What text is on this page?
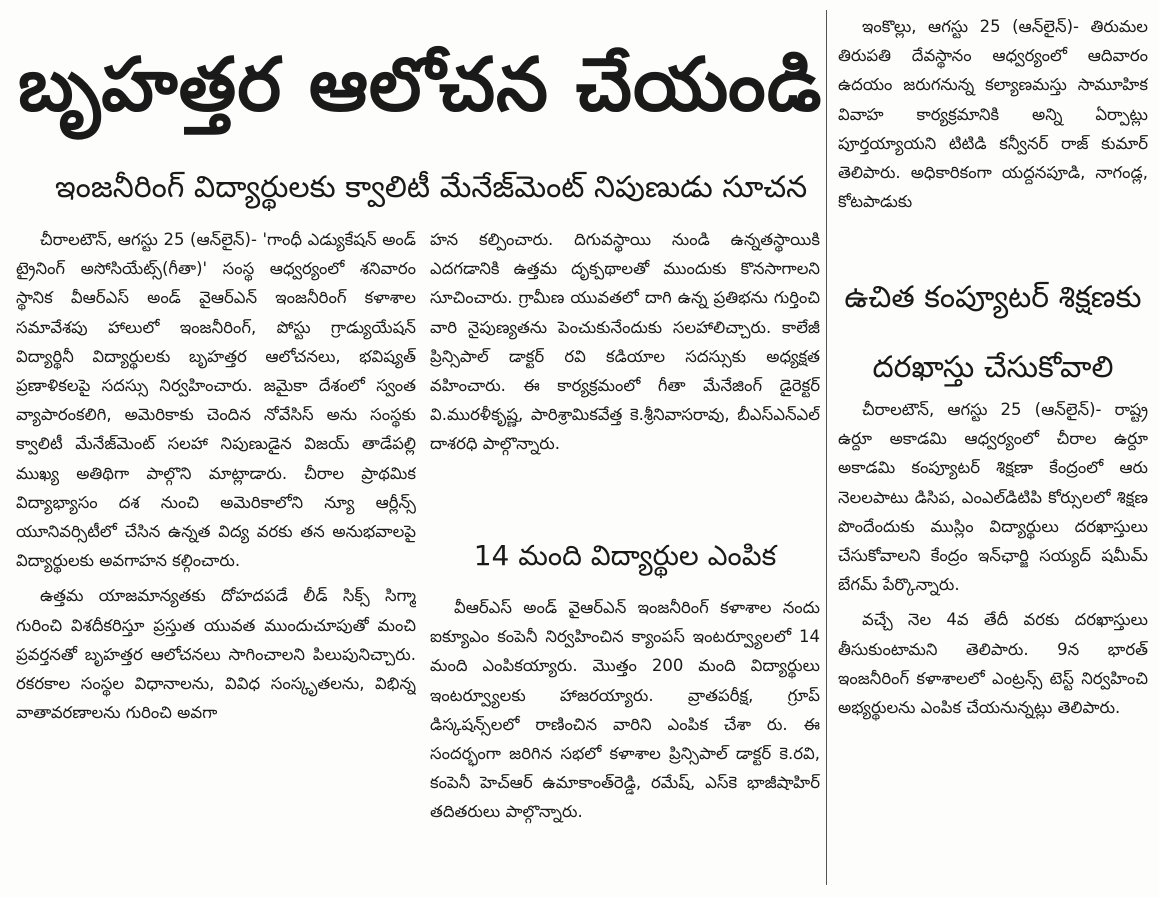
బృహత్తర ఆలోచన చేయండి
ఇంజనీరింగ్ విద్యార్థులకు క్వాలిటీ మేనేజ్‌మెంట్ నిపుణుడు సూచన

చీరాలటౌన్, ఆగస్టు 25 (ఆన్‌లైన్)- 'గాంధీ ఎడ్యుకేషన్ అండ్ ట్రైనింగ్ అసోసియేట్స్(గీతా)' సంస్థ ఆధ్వర్యంలో శనివారం స్థానిక వీఆర్‌ఎస్ అండ్ వైఆర్‌ఎన్ ఇంజనీరింగ్ కళాశాల సమావేశపు హాలులో ఇంజనీరింగ్, పోస్టు గ్రాడ్యుయేషన్ విద్యార్థినీ విద్యార్థులకు బృహత్తర ఆలోచనలు, భవిష్యత్ ప్రణాళికలపై సదస్సు నిర్వహించారు. జమైకా దేశంలో స్వంత వ్యాపారంకలిగి, అమెరికాకు చెందిన నోవేసిస్ అను సంస్థకు క్వాలిటీ మేనేజ్‌మెంట్ సలహా నిపుణుడైన విజయ్ తాడేపల్లి ముఖ్య అతిథిగా పాల్గొని మాట్లాడారు. చీరాల ప్రాథమిక విద్యాభ్యాసం దశ నుంచి అమెరికాలోని న్యూ ఆర్లీన్స్ యూనివర్సిటీలో చేసిన ఉన్నత విద్య వరకు తన అనుభవాలపై విద్యార్థులకు అవగాహన కల్గించారు.

ఉత్తమ యాజమాన్యతకు దోహదపడే లీడ్ సిక్స్ సిగ్మా గురించి విశదీకరిస్తూ ప్రస్తుత యువత ముందుచూపుతో మంచి ప్రవర్తనతో బృహత్తర ఆలోచనలు సాగించాలని పిలుపునిచ్చారు. రకరకాల సంస్థల విధానాలను, వివిధ సంస్కృతలను, విభిన్న వాతావరణాలను గురించి అవగా

హన కల్పించారు. దిగువస్థాయి నుండి ఉన్నతస్థాయికి ఎదగడానికి ఉత్తమ దృక్పథాలతో ముందుకు కొనసాగాలని సూచించారు. గ్రామీణ యువతలో దాగి ఉన్న ప్రతిభను గుర్తించి వారి నైపుణ్యతను పెంచుకునేందుకు సలహాలిచ్చారు. కాలేజీ ప్రిన్సిపాల్ డాక్టర్ రవి కడియాల సదస్సుకు అధ్యక్షత వహించారు. ఈ కార్యక్రమంలో గీతా మేనేజింగ్ డైరెక్టర్ వి.మురళీకృష్ణ, పారిశ్రామికవేత్త కె.శ్రీనివాసరావు, బీఎస్ఎన్ఎల్ దాశరధి పాల్గొన్నారు.

14 మంది విద్యార్థుల ఎంపిక

వీఆర్‌ఎస్ అండ్ వైఆర్‌ఎన్ ఇంజనీరింగ్ కళాశాల నందు ఐక్యూఎం కంపెనీ నిర్వహించిన క్యాంపస్ ఇంటర్వ్యూలలో 14 మంది ఎంపికయ్యారు. మొత్తం 200 మంది విద్యార్థులు ఇంటర్వ్యూలకు హాజరయ్యారు. వ్రాతపరీక్ష, గ్రూప్ డిస్కషన్స్‌లలో రాణించిన వారిని ఎంపిక చేశా రు. ఈ సందర్భంగా జరిగిన సభలో కళాశాల ప్రిన్సిపాల్ డాక్టర్ కె.రవి, కంపెనీ హెచ్‌ఆర్ ఉమాకాంత్‌రెడ్డి, రమేష్, ఎస్‌కె భాజీషాహిర్ తదితరులు పాల్గొన్నారు.

ఇంకొల్లు, ఆగస్టు 25 (ఆన్‌లైన్)- తిరుమల తిరుపతి దేవస్థానం ఆధ్వర్యంలో ఆదివారం ఉదయం జరుగనున్న కల్యాణమస్తు సామూహిక వివాహ కార్యక్రమానికి అన్ని ఏర్పాట్లు పూర్తయ్యాయని టిటిడి కన్వీనర్ రాజ్ కుమార్ తెలిపారు. అధికారికంగా యద్దనపూడి, నాగండ్ల, కోటపాడుకు

ఉచిత కంప్యూటర్ శిక్షణకు
దరఖాస్తు చేసుకోవాలి

చీరాలటౌన్, ఆగస్టు 25 (ఆన్‌లైన్)- రాష్ట్ర ఉర్దూ అకాడమి ఆధ్వర్యంలో చీరాల ఉర్దూ అకాడమి కంప్యూటర్ శిక్షణా కేంద్రంలో ఆరు నెలలపాటు డిసిప, ఎంఎల్‌డిటిపి కోర్సులలో శిక్షణ పొందేందుకు ముస్లిం విద్యార్థులు దరఖాస్తులు చేసుకోవాలని కేంద్రం ఇన్‌ఛార్జి సయ్యద్ షమీమ్ బేగమ్ పేర్కొన్నారు.

వచ్చే నెల 4వ తేదీ వరకు దరఖాస్తులు తీసుకుంటామని తెలిపారు. 9న భారత్ ఇంజనీరింగ్ కళాశాలలో ఎంట్రన్స్ టెస్ట్ నిర్వహించి అభ్యర్థులను ఎంపిక చేయనున్నట్లు తెలిపారు.
